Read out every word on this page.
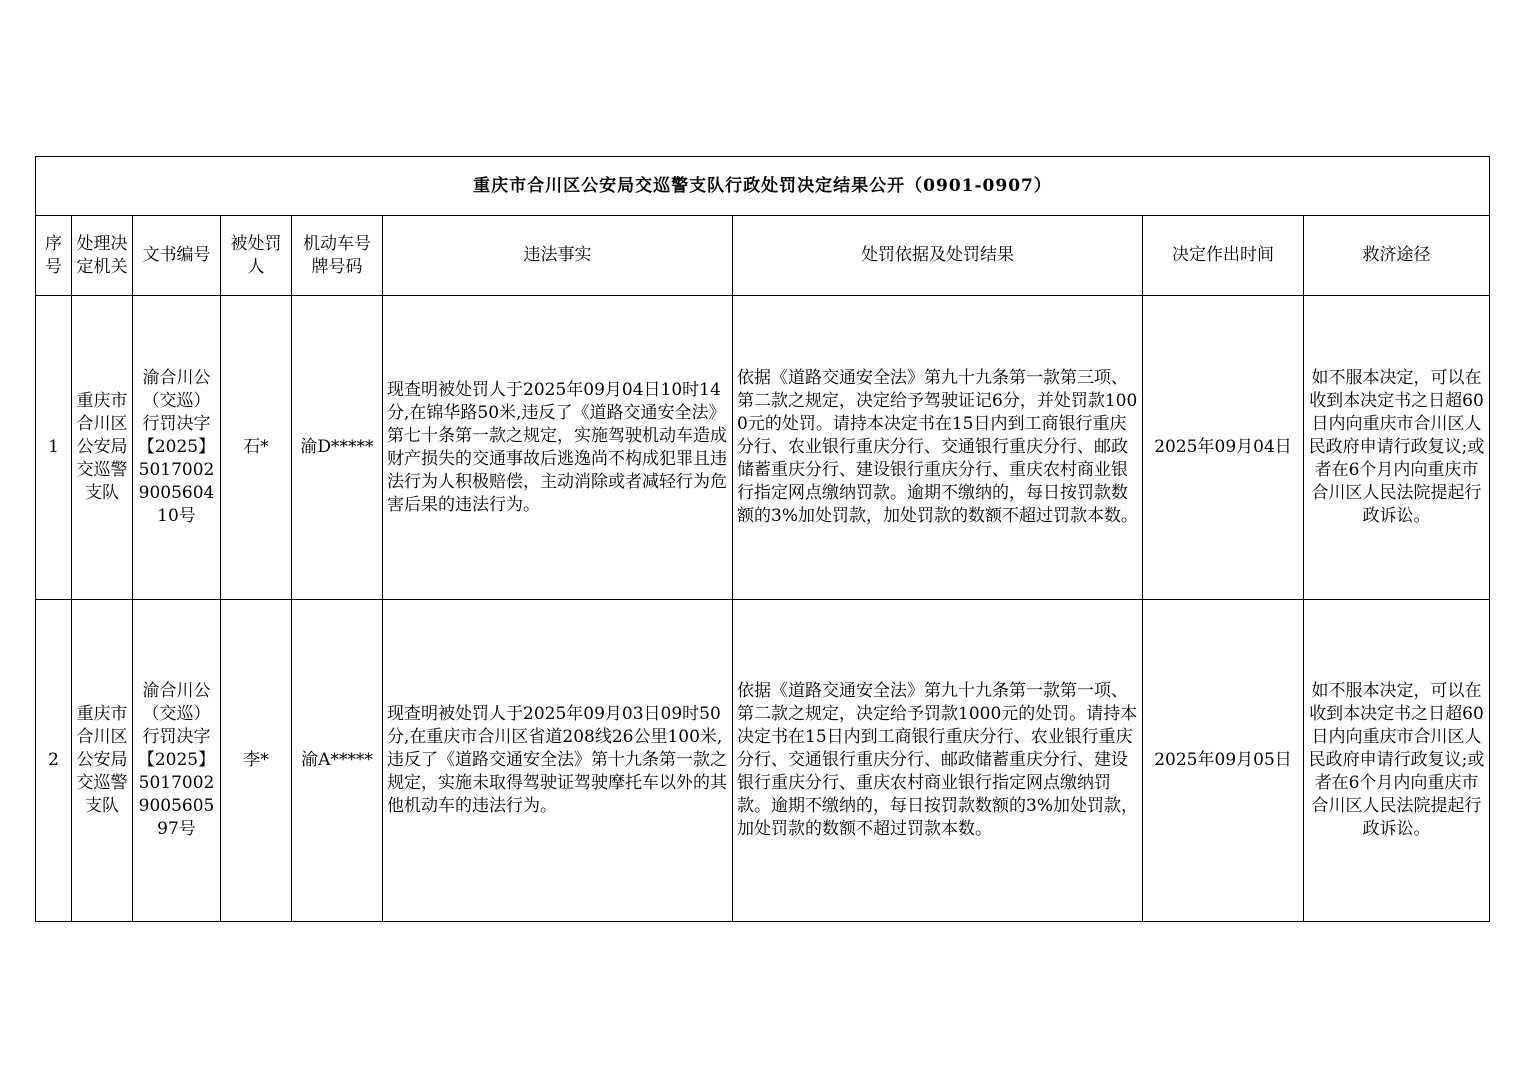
重庆市合川区公安局交巡警支队行政处罚决定结果公开（0901-0907）								

序号	处理决定机关	文书编号	被处罚人	机动车号牌号码	违法事实	处罚依据及处罚结果	决定作出时间	救济途径

1	重庆市合川区公安局交巡警支队	渝合川公（交巡）行罚决字【2025】5017002900560410号	石*	渝D*****	现查明被处罚人于2025年09月04日10时14分,在锦华路50米,违反了《道路交通安全法》第七十条第一款之规定，实施驾驶机动车造成财产损失的交通事故后逃逸尚不构成犯罪且违法行为人积极赔偿，主动消除或者减轻行为危害后果的违法行为。	依据《道路交通安全法》第九十九条第一款第三项、第二款之规定，决定给予驾驶证记6分，并处罚款1000元的处罚。请持本决定书在15日内到工商银行重庆分行、农业银行重庆分行、交通银行重庆分行、邮政储蓄重庆分行、建设银行重庆分行、重庆农村商业银行指定网点缴纳罚款。逾期不缴纳的，每日按罚款数额的3%加处罚款，加处罚款的数额不超过罚款本数。	2025年09月04日	如不服本决定，可以在收到本决定书之日超60日内向重庆市合川区人民政府申请行政复议;或者在6个月内向重庆市合川区人民法院提起行政诉讼。

2	重庆市合川区公安局交巡警支队	渝合川公（交巡）行罚决字【2025】5017002900560597号	李*	渝A*****	现查明被处罚人于2025年09月03日09时50分,在重庆市合川区省道208线26公里100米,违反了《道路交通安全法》第十九条第一款之规定，实施未取得驾驶证驾驶摩托车以外的其他机动车的违法行为。	依据《道路交通安全法》第九十九条第一款第一项、第二款之规定，决定给予罚款1000元的处罚。请持本决定书在15日内到工商银行重庆分行、农业银行重庆分行、交通银行重庆分行、邮政储蓄重庆分行、建设银行重庆分行、重庆农村商业银行指定网点缴纳罚款。逾期不缴纳的，每日按罚款数额的3%加处罚款，加处罚款的数额不超过罚款本数。	2025年09月05日	如不服本决定，可以在收到本决定书之日超60日内向重庆市合川区人民政府申请行政复议;或者在6个月内向重庆市合川区人民法院提起行政诉讼。
